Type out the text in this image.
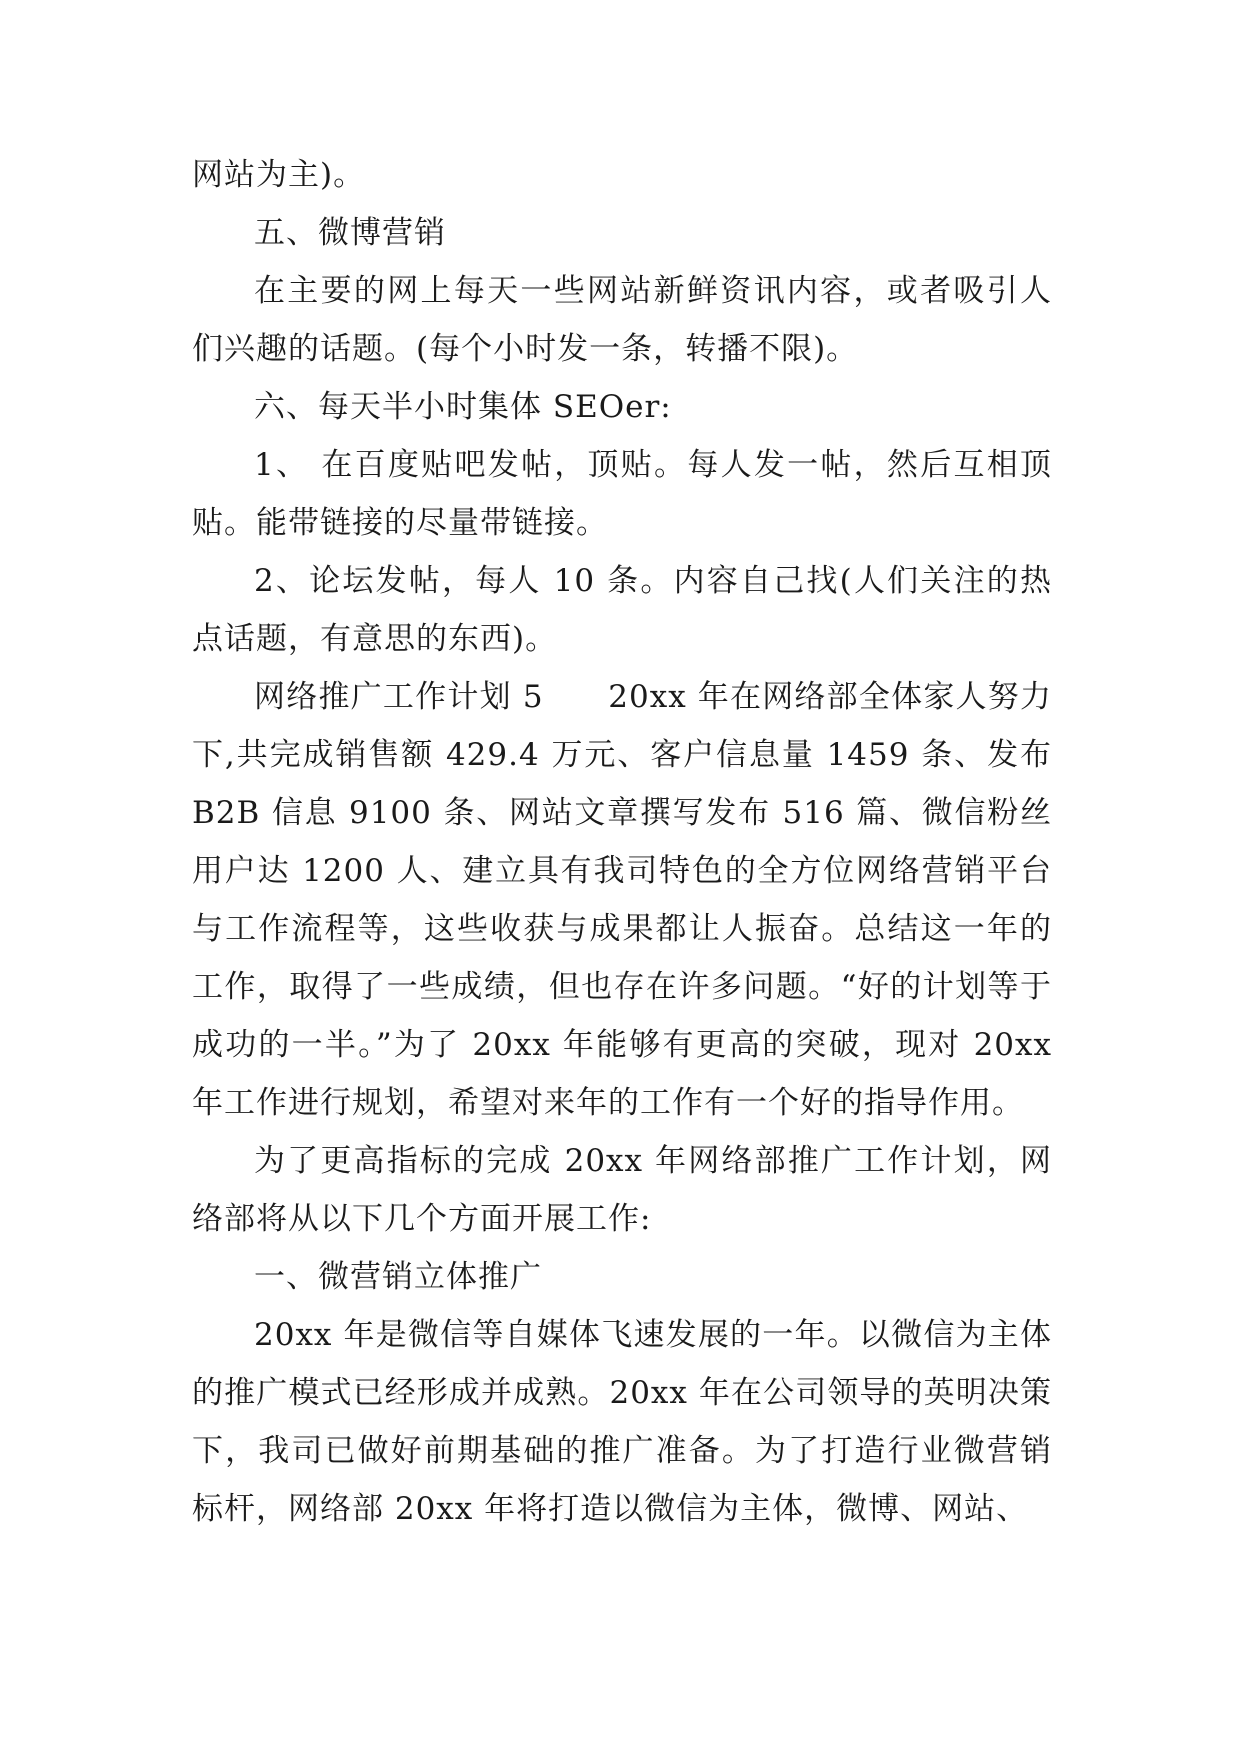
网站为主)。

五、微博营销

在主要的网上每天一些网站新鲜资讯内容，或者吸引人们兴趣的话题。(每个小时发一条，转播不限)。

六、每天半小时集体 SEOer:

1、 在百度贴吧发帖，顶贴。每人发一帖，然后互相顶贴。能带链接的尽量带链接。

2、论坛发帖，每人 10 条。内容自己找(人们关注的热点话题，有意思的东西)。

网络推广工作计划 5　　20xx 年在网络部全体家人努力下,共完成销售额 429.4 万元、客户信息量 1459 条、发布 B2B 信息 9100 条、网站文章撰写发布 516 篇、微信粉丝用户达 1200 人、建立具有我司特色的全方位网络营销平台与工作流程等，这些收获与成果都让人振奋。总结这一年的工作，取得了一些成绩，但也存在许多问题。“好的计划等于成功的一半。”为了 20xx 年能够有更高的突破，现对 20xx 年工作进行规划，希望对来年的工作有一个好的指导作用。

为了更高指标的完成 20xx 年网络部推广工作计划，网络部将从以下几个方面开展工作:

一、微营销立体推广

20xx 年是微信等自媒体飞速发展的一年。以微信为主体的推广模式已经形成并成熟。20xx 年在公司领导的英明决策下，我司已做好前期基础的推广准备。为了打造行业微营销标杆，网络部 20xx 年将打造以微信为主体，微博、网站、
